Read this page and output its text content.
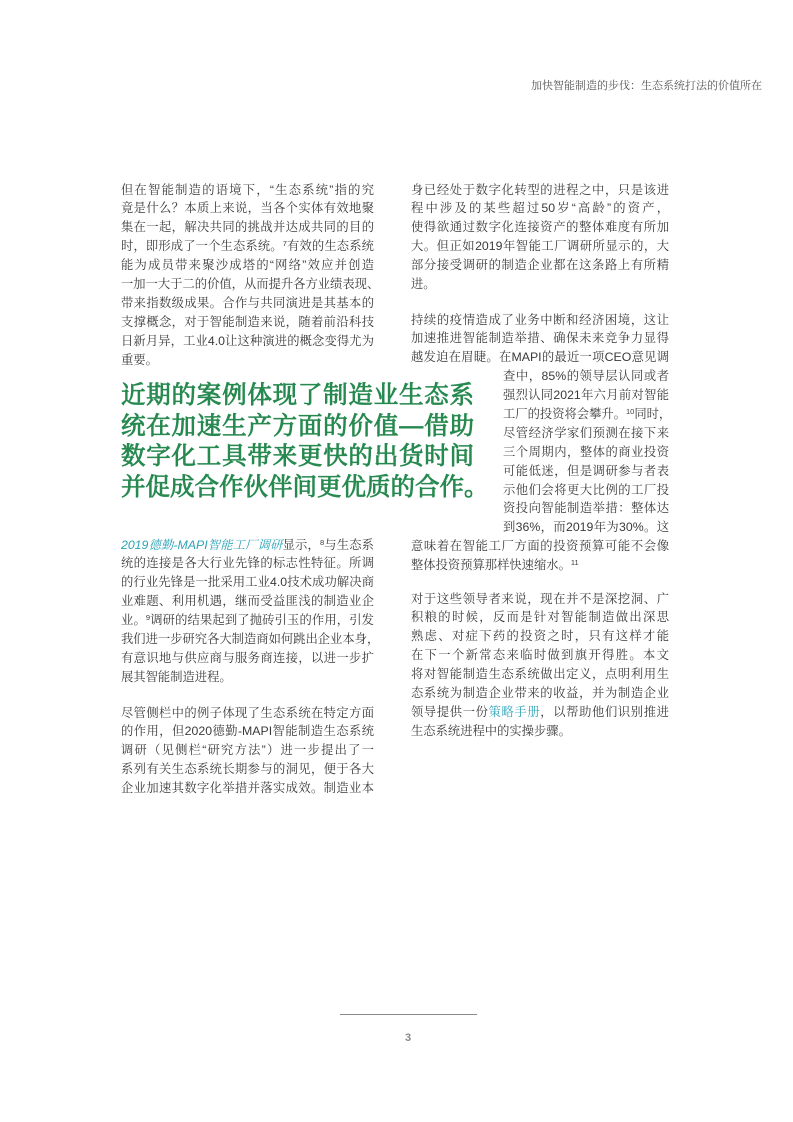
加快智能制造的步伐：生态系统打法的价值所在
但在智能制造的语境下，“生态系统”指的究
竟是什么？本质上来说，当各个实体有效地聚
集在一起，解决共同的挑战并达成共同的目的
时，即形成了一个生态系统。$^7$有效的生态系统
能为成员带来聚沙成塔的“网络”效应并创造
一加一大于二的价值，从而提升各方业绩表现、
带来指数级成果。合作与共同演进是其基本的
支撑概念，对于智能制造来说，随着前沿科技
日新月异，工业4.0让这种演进的概念变得尤为
重要。
近期的案例体现了制造业生态系
统在加速生产方面的价值—借助
数字化工具带来更快的出货时间
并促成合作伙伴间更优质的合作。
2019德勤-MAPI智能工厂调研显示，$^8$与生态系
统的连接是各大行业先锋的标志性特征。所调
的行业先锋是一批采用工业4.0技术成功解决商
业难题、利用机遇，继而受益匪浅的制造业企
业。$^9$调研的结果起到了抛砖引玉的作用，引发
我们进一步研究各大制造商如何跳出企业本身，
有意识地与供应商与服务商连接，以进一步扩
展其智能制造进程。
尽管侧栏中的例子体现了生态系统在特定方面
的作用，但2020德勤-MAPI智能制造生态系统
调研（见侧栏“研究方法”）进一步提出了一
系列有关生态系统长期参与的洞见，便于各大
企业加速其数字化举措并落实成效。制造业本
身已经处于数字化转型的进程之中，只是该进
程中涉及的某些超过50岁“高龄”的资产，
使得欲通过数字化连接资产的整体难度有所加
大。但正如2019年智能工厂调研所显示的，大
部分接受调研的制造企业都在这条路上有所精
进。
持续的疫情造成了业务中断和经济困境，这让
加速推进智能制造举措、确保未来竞争力显得
越发迫在眉睫。在MAPI的最近一项CEO意见调
查中，85%的领导层认同或者
强烈认同2021年六月前对智能
工厂的投资将会攀升。$^{10}$同时，
尽管经济学家们预测在接下来
三个周期内，整体的商业投资
可能低迷，但是调研参与者表
示他们会将更大比例的工厂投
资投向智能制造举措：整体达
到36%，而2019年为30%。这
意味着在智能工厂方面的投资预算可能不会像
整体投资预算那样快速缩水。$^{11}$
对于这些领导者来说，现在并不是深挖洞、广
积粮的时候，反而是针对智能制造做出深思
熟虑、对症下药的投资之时，只有这样才能
在下一个新常态来临时做到旗开得胜。本文
将对智能制造生态系统做出定义，点明利用生
态系统为制造企业带来的收益，并为制造企业
领导提供一份策略手册，以帮助他们识别推进
生态系统进程中的实操步骤。
3
